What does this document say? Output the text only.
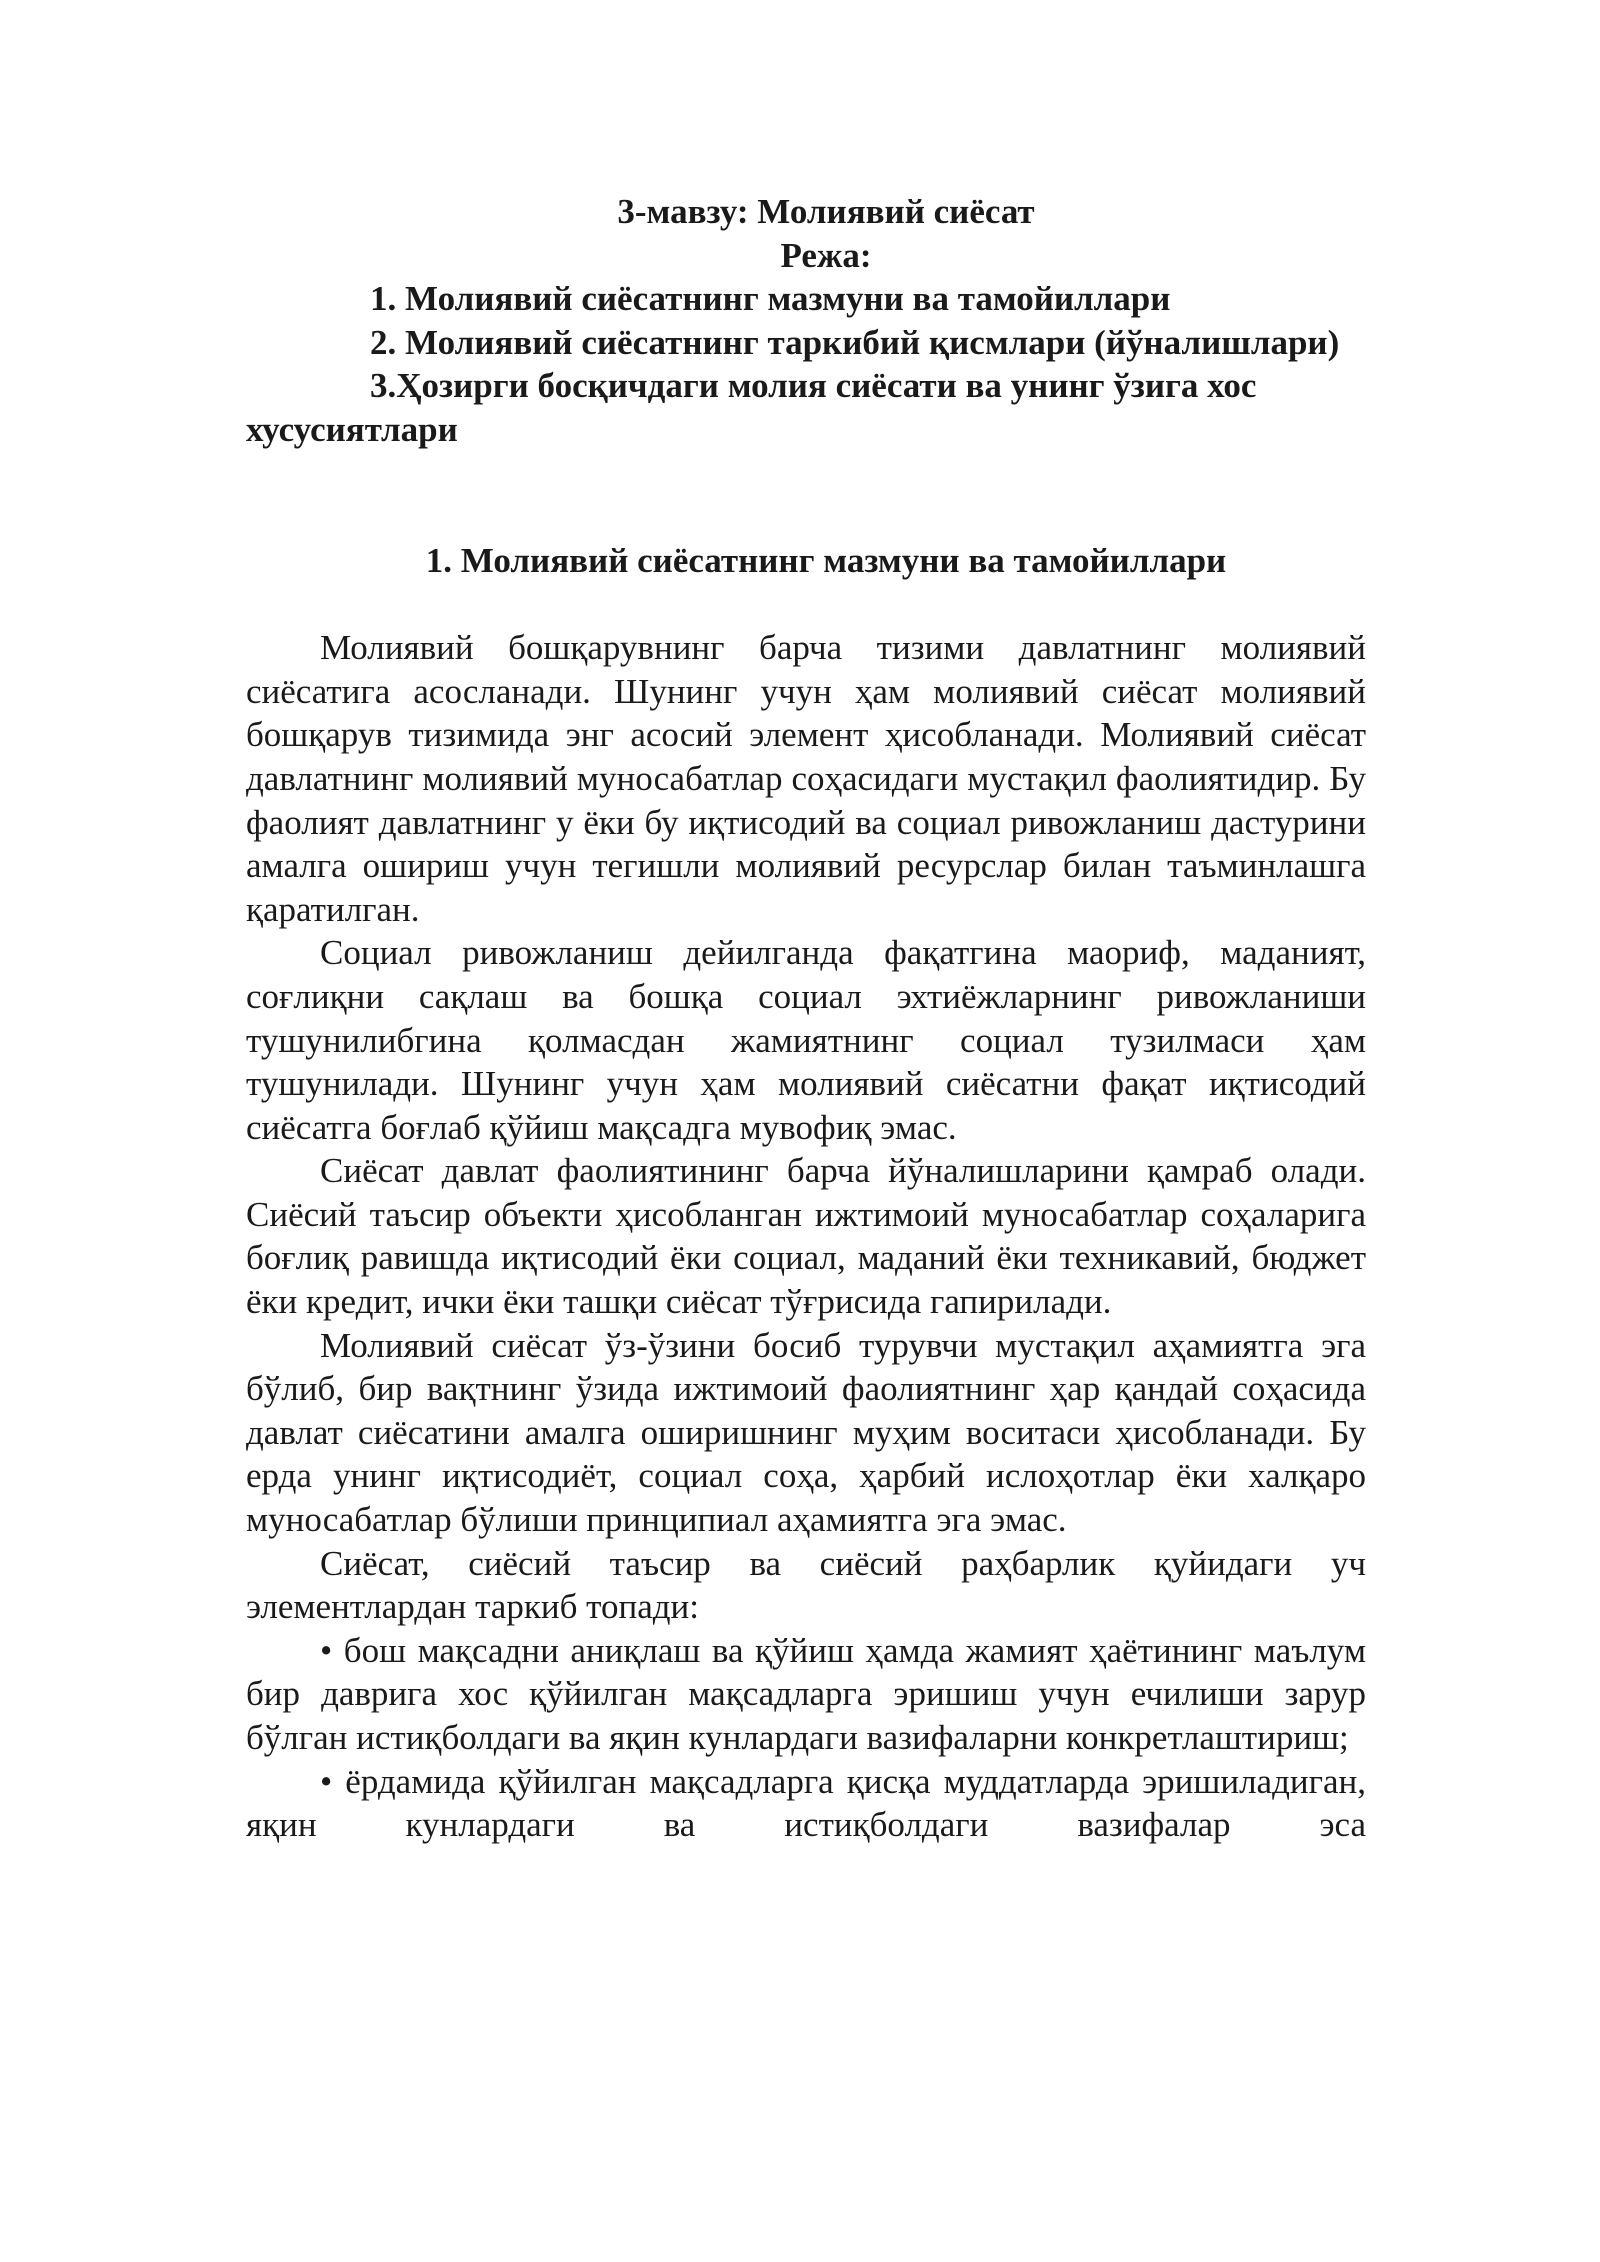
3-мавзу: Молиявий сиёсат
Режа:
1. Молиявий сиёсатнинг мазмуни ва тамойиллари
2. Молиявий сиёсатнинг таркибий қисмлари (йўналишлари)
3.Ҳозирги босқичдаги молия сиёсати ва унинг ўзига хос хусусиятлари
1. Молиявий сиёсатнинг мазмуни ва тамойиллари

Молиявий бошқарувнинг барча тизими давлатнинг молиявий сиёсатига асосланади. Шунинг учун ҳам молиявий сиёсат молиявий бошқарув тизимида энг асосий элемент ҳисобланади. Молиявий сиёсат давлатнинг молиявий муносабатлар соҳасидаги мустақил фаолиятидир. Бу фаолият давлатнинг у ёки бу иқтисодий ва социал ривожланиш дастурини амалга ошириш учун тегишли молиявий ресурслар билан таъминлашга қаратилган.

Социал ривожланиш дейилганда фақатгина маориф, маданият, соғлиқни сақлаш ва бошқа социал эхтиёжларнинг ривожланиши тушунилибгина қолмасдан жамиятнинг социал тузилмаси ҳам тушунилади. Шунинг учун ҳам молиявий сиёсатни фақат иқтисодий сиёсатга боғлаб қўйиш мақсадга мувофиқ эмас.

Сиёсат давлат фаолиятининг барча йўналишларини қамраб олади. Сиёсий таъсир объекти ҳисобланган ижтимоий муносабатлар соҳаларига боғлиқ равишда иқтисодий ёки социал, маданий ёки техникавий, бюджет ёки кредит, ички ёки ташқи сиёсат тўғрисида гапирилади.

Молиявий сиёсат ўз-ўзини босиб турувчи мустақил аҳамиятга эга бўлиб, бир вақтнинг ўзида ижтимоий фаолиятнинг ҳар қандай соҳасида давлат сиёсатини амалга оширишнинг муҳим воситаси ҳисобланади. Бу ерда унинг иқтисодиёт, социал соҳа, ҳарбий ислоҳотлар ёки халқаро муносабатлар бўлиши принципиал аҳамиятга эга эмас.

Сиёсат, сиёсий таъсир ва сиёсий раҳбарлик қуйидаги уч элементлардан таркиб топади:

• бош мақсадни аниқлаш ва қўйиш ҳамда жамият ҳаётининг маълум бир даврига хос қўйилган мақсадларга эришиш учун ечилиши зарур бўлган истиқболдаги ва яқин кунлардаги вазифаларни конкретлаштириш;

• ёрдамида қўйилган мақсадларга қисқа муддатларда эришиладиган, яқин кунлардаги ва истиқболдаги вазифалар эса
